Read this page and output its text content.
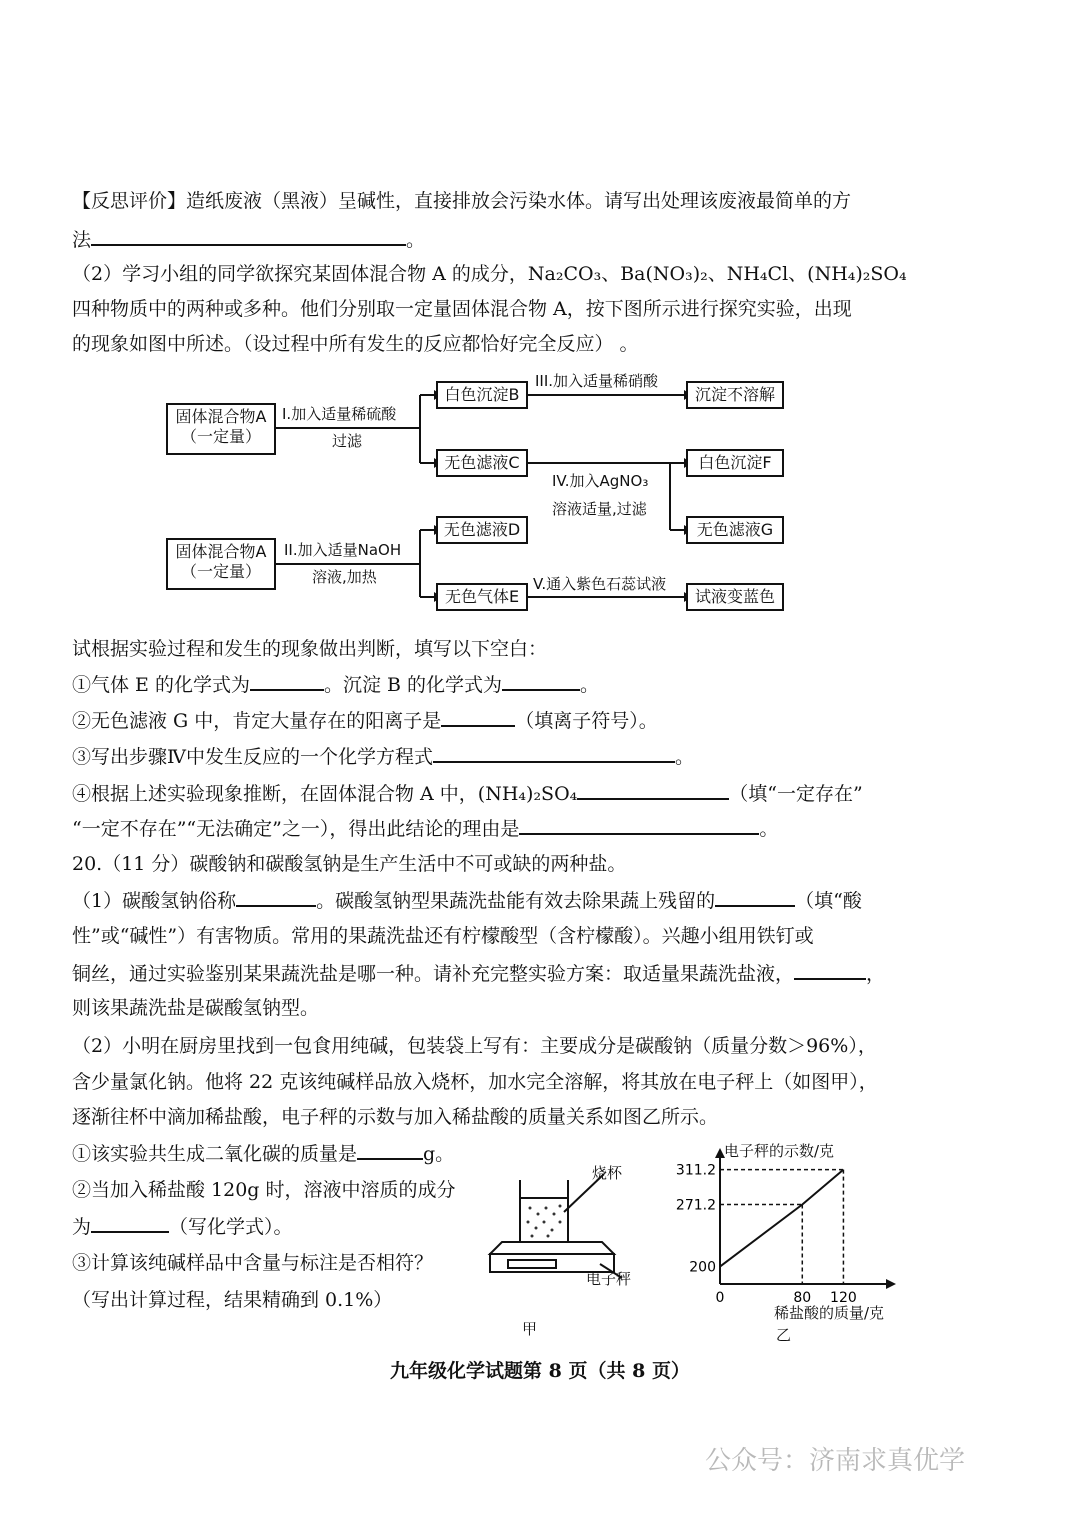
【反思评价】造纸废液（黑液）呈碱性，直接排放会污染水体。请写出处理该废液最简单的方
法	。
（2）学习小组的同学欲探究某固体混合物 A 的成分，Na₂CO₃、Ba(NO₃)₂、NH₄Cl、(NH₄)₂SO₄
四种物质中的两种或多种。他们分别取一定量固体混合物 A，按下图所示进行探究实验，出现
的现象如图中所述。（设过程中所有发生的反应都恰好完全反应） 。
固体混合物A
（一定量）
I.加入适量稀硫酸
过滤
白色沉淀B
III.加入适量稀硝酸
沉淀不溶解
无色滤液C
IV.加入AgNO₃
溶液适量,过滤
白色沉淀F
无色滤液G
固体混合物A
（一定量）
II.加入适量NaOH
溶液,加热
无色滤液D
无色气体E
V.通入紫色石蕊试液
试液变蓝色
试根据实验过程和发生的现象做出判断，填写以下空白：
①气体 E 的化学式为	。沉淀 B 的化学式为	。
②无色滤液 G 中，肯定大量存在的阳离子是	（填离子符号）。
③写出步骤Ⅳ中发生反应的一个化学方程式	。
④根据上述实验现象推断，在固体混合物 A 中，(NH₄)₂SO₄	（填“一定存在”
“一定不存在”“无法确定”之一），得出此结论的理由是	。
20.（11 分）碳酸钠和碳酸氢钠是生产生活中不可或缺的两种盐。
（1）碳酸氢钠俗称	。碳酸氢钠型果蔬洗盐能有效去除果蔬上残留的	（填“酸
性”或“碱性”）有害物质。常用的果蔬洗盐还有柠檬酸型（含柠檬酸）。兴趣小组用铁钉或
铜丝，通过实验鉴别某果蔬洗盐是哪一种。请补充完整实验方案：取适量果蔬洗盐液，	，
则该果蔬洗盐是碳酸氢钠型。
（2）小明在厨房里找到一包食用纯碱，包装袋上写有：主要成分是碳酸钠（质量分数＞96%），
含少量氯化钠。他将 22 克该纯碱样品放入烧杯，加水完全溶解，将其放在电子秤上（如图甲），
逐渐往杯中滴加稀盐酸，电子秤的示数与加入稀盐酸的质量关系如图乙所示。
①该实验共生成二氧化碳的质量是	g。
②当加入稀盐酸 120g 时，溶液中溶质的成分
为	（写化学式）。
③计算该纯碱样品中含量与标注是否相符？
（写出计算过程，结果精确到 0.1%）
烧杯
电子秤
甲
0	80 120
200
271.2
311.2
电子秤的示数/克
稀盐酸的质量/克
乙
九年级化学试题第 8 页（共 8 页）
公众号：济南求真优学
